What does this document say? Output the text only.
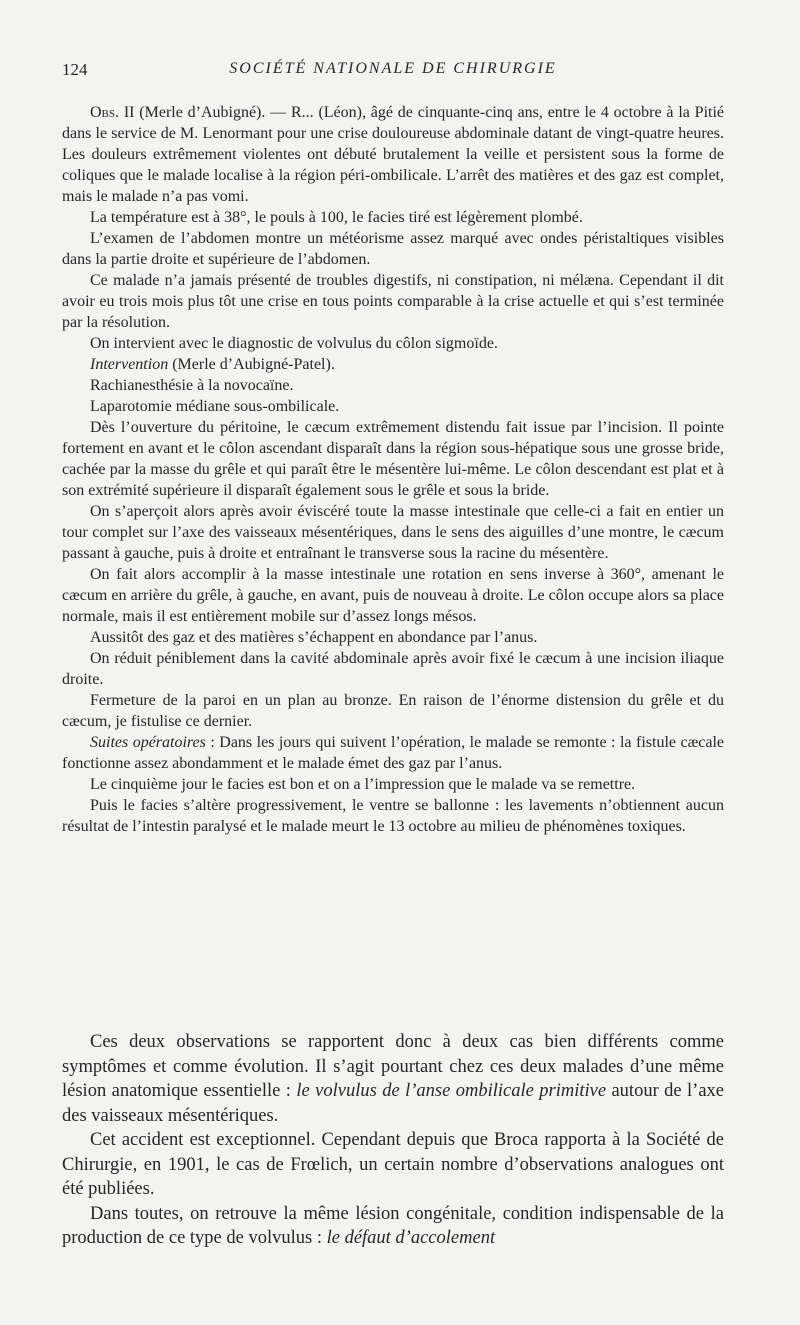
124	SOCIÉTÉ NATIONALE DE CHIRURGIE

Obs. II (Merle d’Aubigné). — R... (Léon), âgé de cinquante-cinq ans, entre le 4 octobre à la Pitié dans le service de M. Lenormant pour une crise douloureuse abdominale datant de vingt-quatre heures. Les douleurs extrêmement violentes ont débuté brutalement la veille et persistent sous la forme de coliques que le malade localise à la région péri-ombilicale. L’arrêt des matières et des gaz est complet, mais le malade n’a pas vomi.

La température est à 38°, le pouls à 100, le facies tiré est légèrement plombé.

L’examen de l’abdomen montre un météorisme assez marqué avec ondes péristaltiques visibles dans la partie droite et supérieure de l’abdomen.

Ce malade n’a jamais présenté de troubles digestifs, ni constipation, ni mélæna. Cependant il dit avoir eu trois mois plus tôt une crise en tous points comparable à la crise actuelle et qui s’est terminée par la résolution.

On intervient avec le diagnostic de volvulus du côlon sigmoïde.

Intervention (Merle d’Aubigné-Patel).

Rachianesthésie à la novocaïne.

Laparotomie médiane sous-ombilicale.

Dès l’ouverture du péritoine, le cæcum extrêmement distendu fait issue par l’incision. Il pointe fortement en avant et le côlon ascendant disparaît dans la région sous-hépatique sous une grosse bride, cachée par la masse du grêle et qui paraît être le mésentère lui-même. Le côlon descendant est plat et à son extrémité supérieure il disparaît également sous le grêle et sous la bride.

On s’aperçoit alors après avoir éviscéré toute la masse intestinale que celle-ci a fait en entier un tour complet sur l’axe des vaisseaux mésentériques, dans le sens des aiguilles d’une montre, le cæcum passant à gauche, puis à droite et entraînant le transverse sous la racine du mésentère.

On fait alors accomplir à la masse intestinale une rotation en sens inverse à 360°, amenant le cæcum en arrière du grêle, à gauche, en avant, puis de nouveau à droite. Le côlon occupe alors sa place normale, mais il est entièrement mobile sur d’assez longs mésos.

Aussitôt des gaz et des matières s’échappent en abondance par l’anus.

On réduit péniblement dans la cavité abdominale après avoir fixé le cæcum à une incision iliaque droite.

Fermeture de la paroi en un plan au bronze. En raison de l’énorme distension du grêle et du cæcum, je fistulise ce dernier.

Suites opératoires : Dans les jours qui suivent l’opération, le malade se remonte : la fistule cæcale fonctionne assez abondamment et le malade émet des gaz par l’anus.

Le cinquième jour le facies est bon et on a l’impression que le malade va se remettre.

Puis le facies s’altère progressivement, le ventre se ballonne : les lavements n’obtiennent aucun résultat de l’intestin paralysé et le malade meurt le 13 octobre au milieu de phénomènes toxiques.

Ces deux observations se rapportent donc à deux cas bien différents comme symptômes et comme évolution. Il s’agit pourtant chez ces deux malades d’une même lésion anatomique essentielle : le volvulus de l’anse ombilicale primitive autour de l’axe des vaisseaux mésentériques.

Cet accident est exceptionnel. Cependant depuis que Broca rapporta à la Société de Chirurgie, en 1901, le cas de Frœlich, un certain nombre d’observations analogues ont été publiées.

Dans toutes, on retrouve la même lésion congénitale, condition indispensable de la production de ce type de volvulus : le défaut d’accolement
